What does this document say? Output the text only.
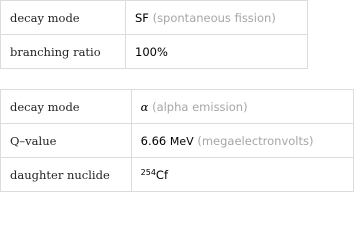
decay mode	SF (spontaneous fission)
branching ratio	100%
decay mode	α (alpha emission)
Q–value	6.66 MeV (megaelectronvolts)
daughter nuclide	$^{254}$Cf
